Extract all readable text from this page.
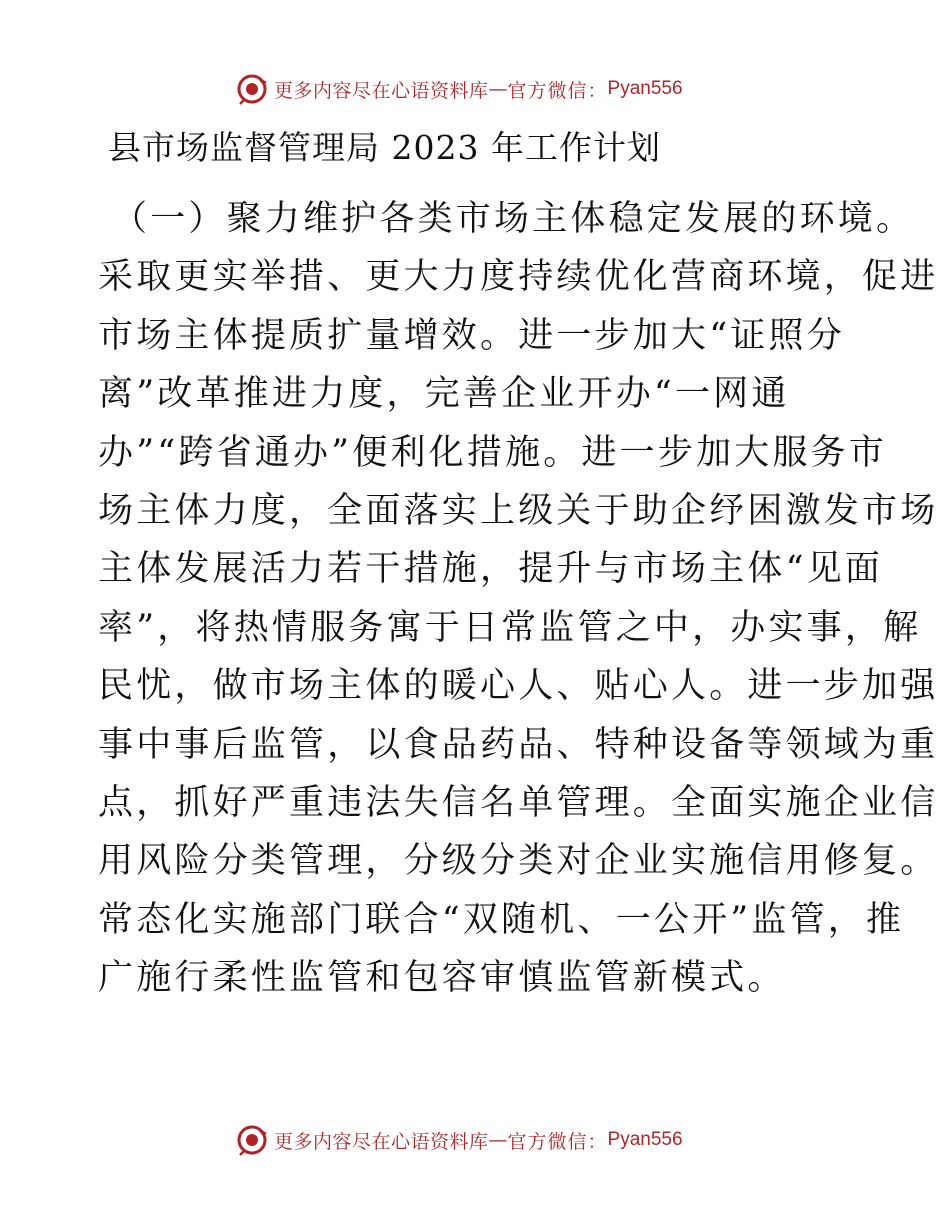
更多内容尽在心语资料库 — 官方微信： Pyan556
县市场监督管理局 2023 年工作计划
（一）聚力维护各类市场主体稳定发展的环境。
采取更实举措、更大力度持续优化营商环境，促进
市场主体提质扩量增效。进一步加大“证照分
离”改革推进力度，完善企业开办“一网通
办”“跨省通办”便利化措施。进一步加大服务市
场主体力度，全面落实上级关于助企纾困激发市场
主体发展活力若干措施，提升与市场主体“见面
率”，将热情服务寓于日常监管之中，办实事，解
民忧，做市场主体的暖心人、贴心人。进一步加强
事中事后监管，以食品药品、特种设备等领域为重
点，抓好严重违法失信名单管理。全面实施企业信
用风险分类管理，分级分类对企业实施信用修复。
常态化实施部门联合“双随机、一公开”监管，推
广施行柔性监管和包容审慎监管新模式。
更多内容尽在心语资料库 — 官方微信： Pyan556
